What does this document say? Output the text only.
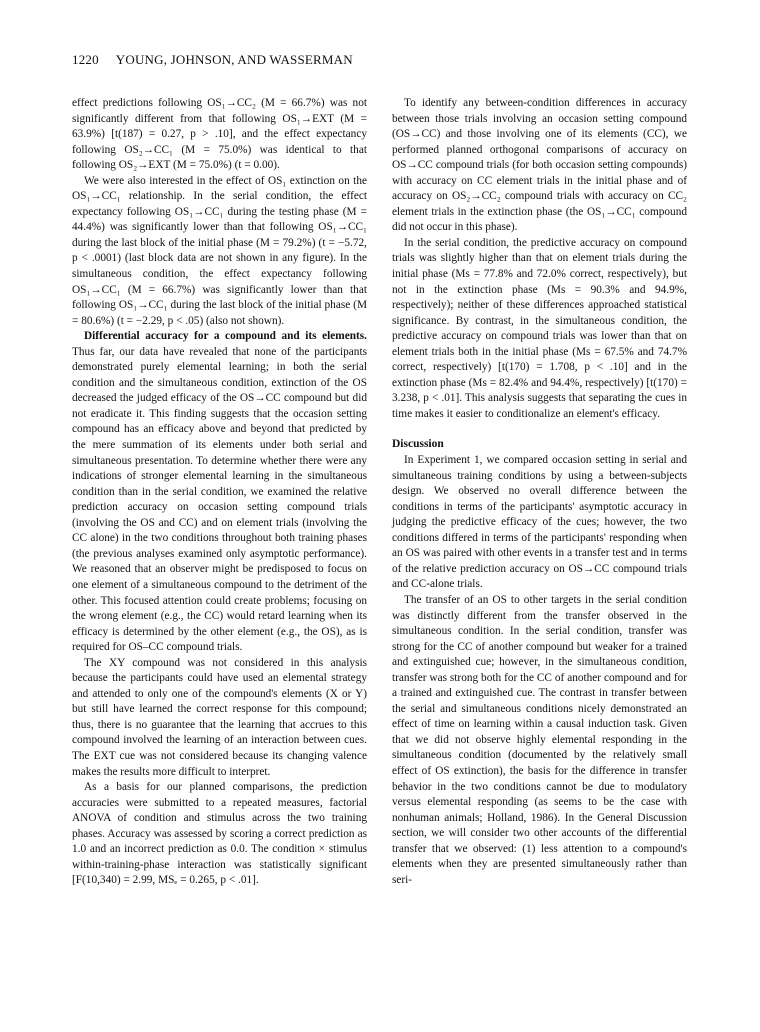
1220 YOUNG, JOHNSON, AND WASSERMAN

effect predictions following OS₁→CC₂ (M = 66.7%) was not significantly different from that following OS₁→EXT (M = 63.9%) [t(187) = 0.27, p > .10], and the effect expectancy following OS₂→CC₁ (M = 75.0%) was identical to that following OS₂→EXT (M = 75.0%) (t = 0.00).

We were also interested in the effect of OS₁ extinction on the OS₁→CC₁ relationship. In the serial condition, the effect expectancy following OS₁→CC₁ during the testing phase (M = 44.4%) was significantly lower than that following OS₁→CC₁ during the last block of the initial phase (M = 79.2%) (t = −5.72, p < .0001) (last block data are not shown in any figure). In the simultaneous condition, the effect expectancy following OS₁→CC₁ (M = 66.7%) was significantly lower than that following OS₁→CC₁ during the last block of the initial phase (M = 80.6%) (t = −2.29, p < .05) (also not shown).

Differential accuracy for a compound and its elements. Thus far, our data have revealed that none of the participants demonstrated purely elemental learning; in both the serial condition and the simultaneous condition, extinction of the OS decreased the judged efficacy of the OS→CC compound but did not eradicate it. This finding suggests that the occasion setting compound has an efficacy above and beyond that predicted by the mere summation of its elements under both serial and simultaneous presentation. To determine whether there were any indications of stronger elemental learning in the simultaneous condition than in the serial condition, we examined the relative prediction accuracy on occasion setting compound trials (involving the OS and CC) and on element trials (involving the CC alone) in the two conditions throughout both training phases (the previous analyses examined only asymptotic performance). We reasoned that an observer might be predisposed to focus on one element of a simultaneous compound to the detriment of the other. This focused attention could create problems; focusing on the wrong element (e.g., the CC) would retard learning when its efficacy is determined by the other element (e.g., the OS), as is required for OS–CC compound trials.

The XY compound was not considered in this analysis because the participants could have used an elemental strategy and attended to only one of the compound's elements (X or Y) but still have learned the correct response for this compound; thus, there is no guarantee that the learning that accrues to this compound involved the learning of an interaction between cues. The EXT cue was not considered because its changing valence makes the results more difficult to interpret.

As a basis for our planned comparisons, the prediction accuracies were submitted to a repeated measures, factorial ANOVA of condition and stimulus across the two training phases. Accuracy was assessed by scoring a correct prediction as 1.0 and an incorrect prediction as 0.0. The condition × stimulus within-training-phase interaction was statistically significant [F(10,340) = 2.99, MSₑ = 0.265, p < .01].

To identify any between-condition differences in accuracy between those trials involving an occasion setting compound (OS→CC) and those involving one of its elements (CC), we performed planned orthogonal comparisons of accuracy on OS→CC compound trials (for both occasion setting compounds) with accuracy on CC element trials in the initial phase and of accuracy on OS₂→CC₂ compound trials with accuracy on CC₂ element trials in the extinction phase (the OS₁→CC₁ compound did not occur in this phase).

In the serial condition, the predictive accuracy on compound trials was slightly higher than that on element trials during the initial phase (Ms = 77.8% and 72.0% correct, respectively), but not in the extinction phase (Ms = 90.3% and 94.9%, respectively); neither of these differences approached statistical significance. By contrast, in the simultaneous condition, the predictive accuracy on compound trials was lower than that on element trials both in the initial phase (Ms = 67.5% and 74.7% correct, respectively) [t(170) = 1.708, p < .10] and in the extinction phase (Ms = 82.4% and 94.4%, respectively) [t(170) = 3.238, p < .01]. This analysis suggests that separating the cues in time makes it easier to conditionalize an element's efficacy.

Discussion

In Experiment 1, we compared occasion setting in serial and simultaneous training conditions by using a between-subjects design. We observed no overall difference between the conditions in terms of the participants' asymptotic accuracy in judging the predictive efficacy of the cues; however, the two conditions differed in terms of the participants' responding when an OS was paired with other events in a transfer test and in terms of the relative prediction accuracy on OS→CC compound trials and CC-alone trials.

The transfer of an OS to other targets in the serial condition was distinctly different from the transfer observed in the simultaneous condition. In the serial condition, transfer was strong for the CC of another compound but weaker for a trained and extinguished cue; however, in the simultaneous condition, transfer was strong both for the CC of another compound and for a trained and extinguished cue. The contrast in transfer between the serial and simultaneous conditions nicely demonstrated an effect of time on learning within a causal induction task. Given that we did not observe highly elemental responding in the simultaneous condition (documented by the relatively small effect of OS extinction), the basis for the difference in transfer behavior in the two conditions cannot be due to modulatory versus elemental responding (as seems to be the case with nonhuman animals; Holland, 1986). In the General Discussion section, we will consider two other accounts of the differential transfer that we observed: (1) less attention to a compound's elements when they are presented simultaneously rather than seri-
